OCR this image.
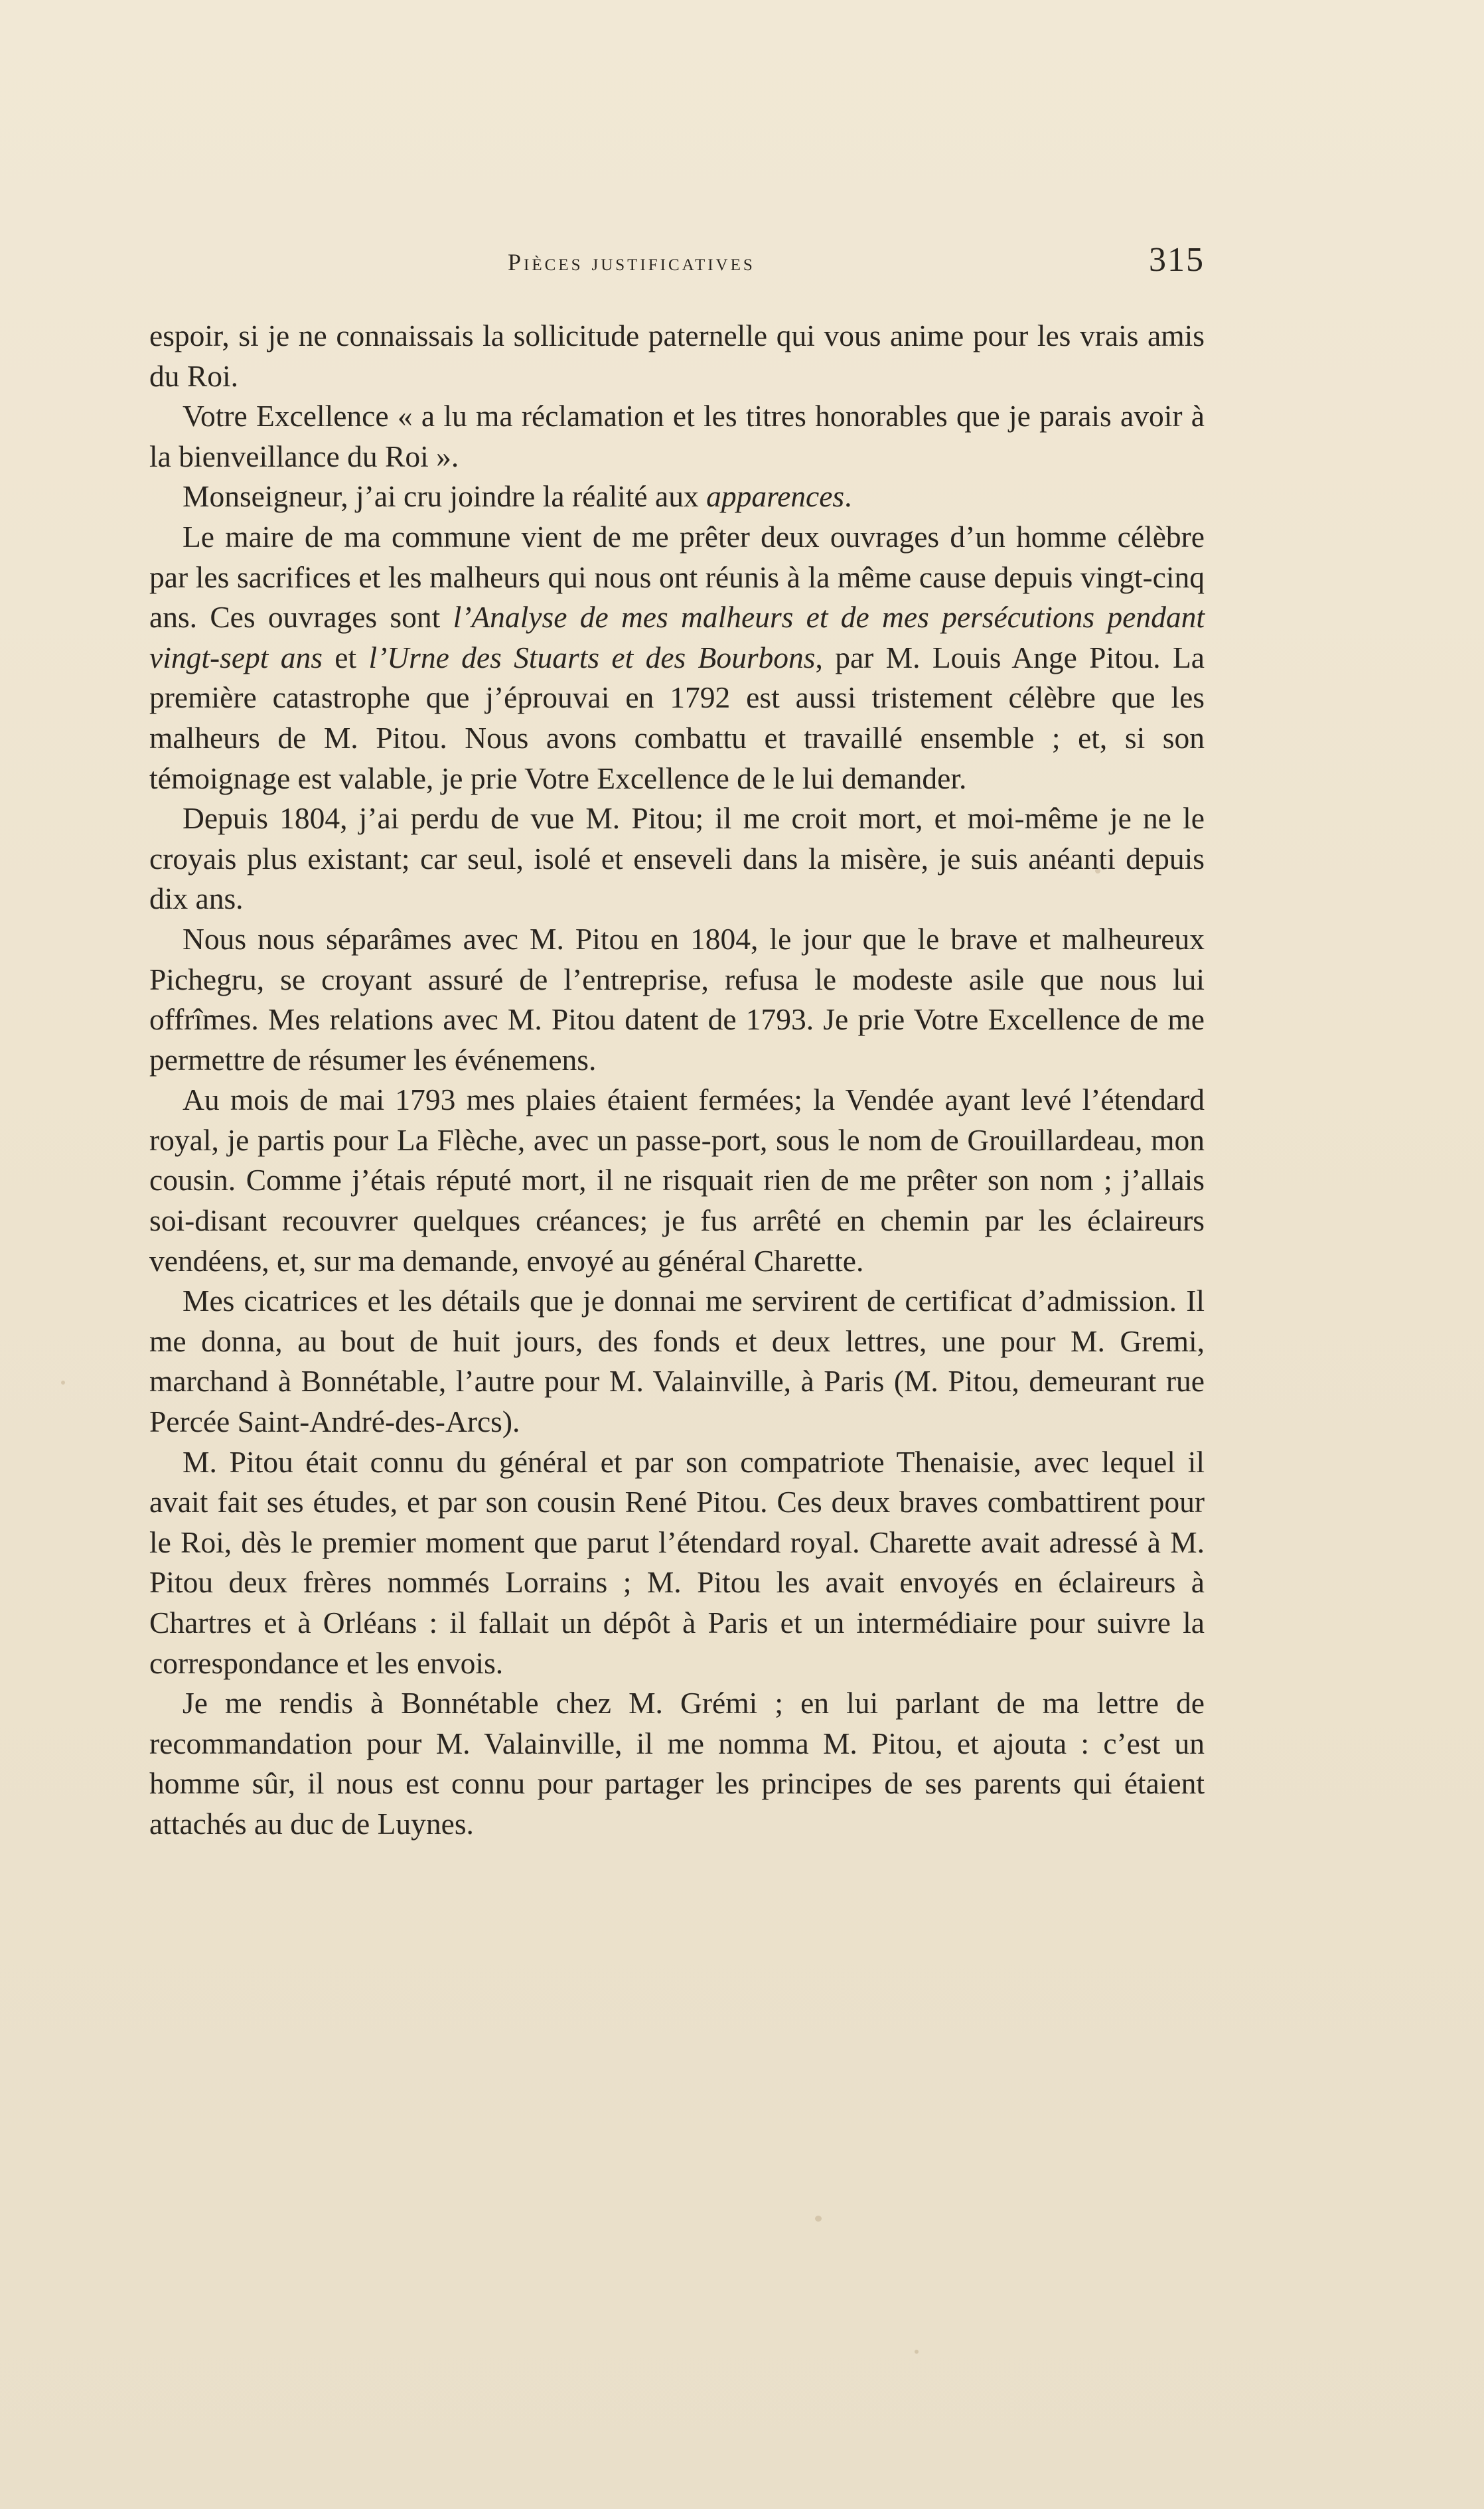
Pièces justificatives	315

espoir, si je ne connaissais la sollicitude paternelle qui vous anime pour les vrais amis du Roi.

Votre Excellence « a lu ma réclamation et les titres honorables que je parais avoir à la bienveillance du Roi ».

Monseigneur, j’ai cru joindre la réalité aux apparences.

Le maire de ma commune vient de me prêter deux ouvrages d’un homme célèbre par les sacrifices et les malheurs qui nous ont réunis à la même cause depuis vingt-cinq ans. Ces ouvrages sont l’Analyse de mes malheurs et de mes persécutions pendant vingt-sept ans et l’Urne des Stuarts et des Bourbons, par M. Louis Ange Pitou. La première catastrophe que j’éprouvai en 1792 est aussi tristement célèbre que les malheurs de M. Pitou. Nous avons combattu et travaillé ensemble ; et, si son témoignage est valable, je prie Votre Excellence de le lui demander.

Depuis 1804, j’ai perdu de vue M. Pitou; il me croit mort, et moi-même je ne le croyais plus existant; car seul, isolé et enseveli dans la misère, je suis anéanti depuis dix ans.

Nous nous séparâmes avec M. Pitou en 1804, le jour que le brave et malheureux Pichegru, se croyant assuré de l’entreprise, refusa le modeste asile que nous lui offrîmes. Mes relations avec M. Pitou datent de 1793. Je prie Votre Excellence de me permettre de résumer les événemens.

Au mois de mai 1793 mes plaies étaient fermées; la Vendée ayant levé l’étendard royal, je partis pour La Flèche, avec un passe-port, sous le nom de Grouillardeau, mon cousin. Comme j’étais réputé mort, il ne risquait rien de me prêter son nom ; j’allais soi-disant recouvrer quelques créances; je fus arrêté en chemin par les éclaireurs vendéens, et, sur ma demande, envoyé au général Charette.

Mes cicatrices et les détails que je donnai me servirent de certificat d’admission. Il me donna, au bout de huit jours, des fonds et deux lettres, une pour M. Gremi, marchand à Bonnétable, l’autre pour M. Valainville, à Paris (M. Pitou, demeurant rue Percée Saint-André-des-Arcs).

M. Pitou était connu du général et par son compatriote Thenaisie, avec lequel il avait fait ses études, et par son cousin René Pitou. Ces deux braves combattirent pour le Roi, dès le premier moment que parut l’étendard royal. Charette avait adressé à M. Pitou deux frères nommés Lorrains ; M. Pitou les avait envoyés en éclaireurs à Chartres et à Orléans : il fallait un dépôt à Paris et un intermédiaire pour suivre la correspondance et les envois.

Je me rendis à Bonnétable chez M. Grémi ; en lui parlant de ma lettre de recommandation pour M. Valainville, il me nomma M. Pitou, et ajouta : c’est un homme sûr, il nous est connu pour partager les principes de ses parents qui étaient attachés au duc de Luynes.
